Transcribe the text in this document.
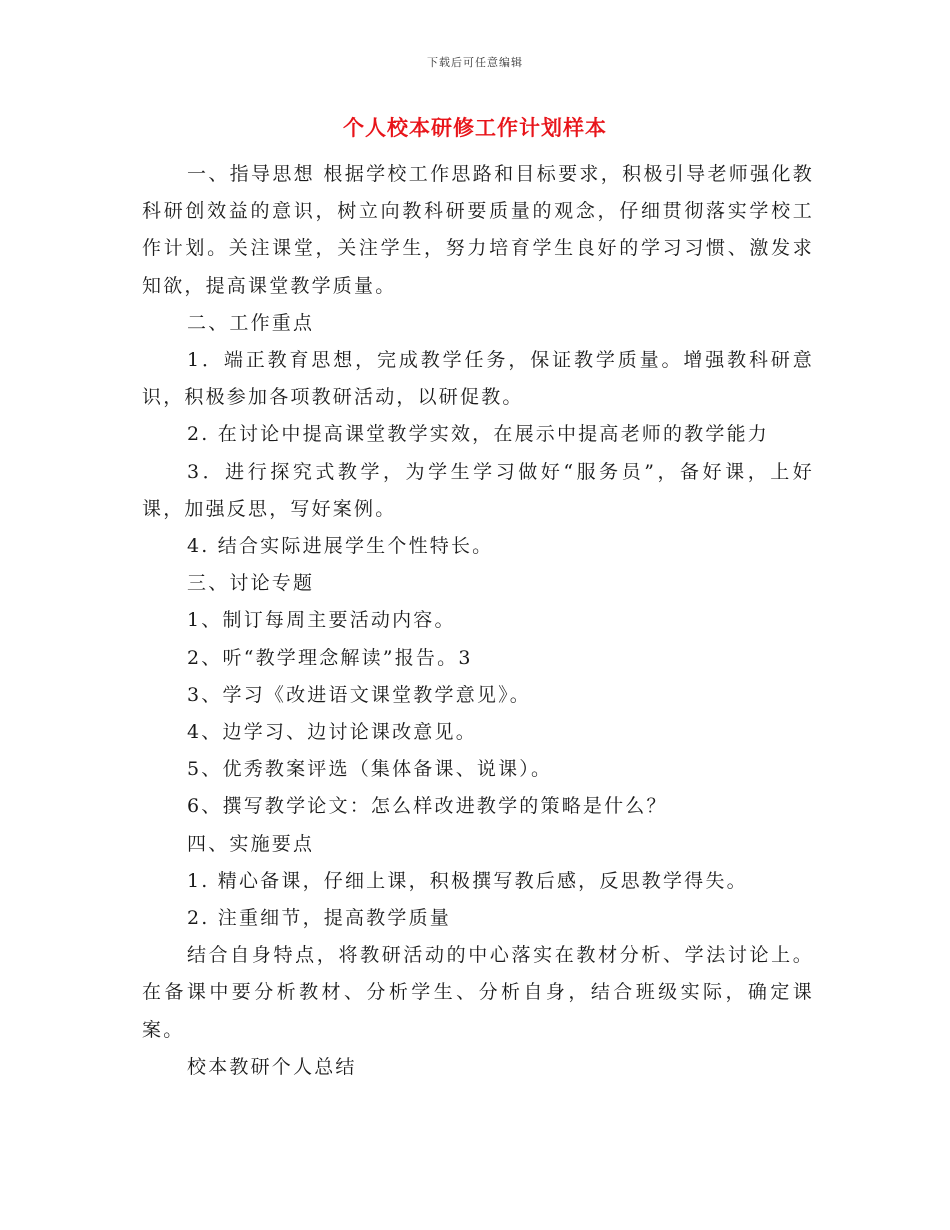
下载后可任意编辑
个人校本研修工作计划样本

一、指导思想 根据学校工作思路和目标要求，积极引导老师强化教科研创效益的意识，树立向教科研要质量的观念，仔细贯彻落实学校工作计划。关注课堂，关注学生，努力培育学生良好的学习习惯、激发求知欲，提高课堂教学质量。

二、工作重点

1．端正教育思想，完成教学任务，保证教学质量。增强教科研意识，积极参加各项教研活动，以研促教。

2. 在讨论中提高课堂教学实效，在展示中提高老师的教学能力

3．进行探究式教学，为学生学习做好“服务员”，备好课，上好课，加强反思，写好案例。

4. 结合实际进展学生个性特长。

三、讨论专题

1、制订每周主要活动内容。

2、听“教学理念解读”报告。3

3、学习《改进语文课堂教学意见》。

4、边学习、边讨论课改意见。

5、优秀教案评选（集体备课、说课）。

6、撰写教学论文：怎么样改进教学的策略是什么？

四、实施要点

1. 精心备课，仔细上课，积极撰写教后感，反思教学得失。

2. 注重细节，提高教学质量

结合自身特点，将教研活动的中心落实在教材分析、学法讨论上。在备课中要分析教材、分析学生、分析自身，结合班级实际，确定课案。

校本教研个人总结
